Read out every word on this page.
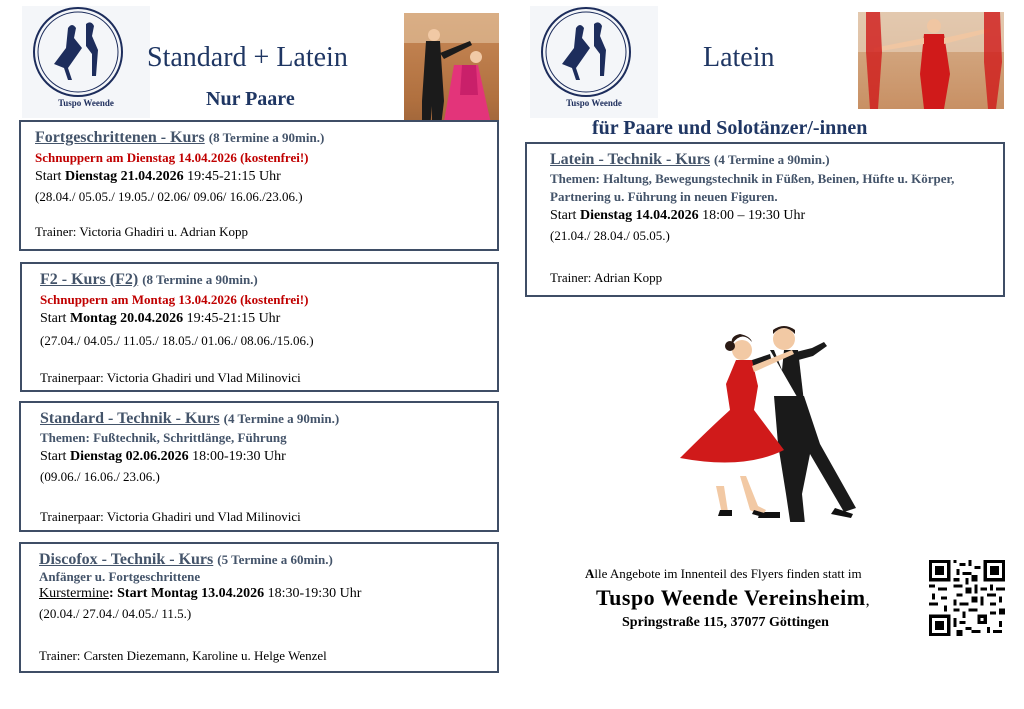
Tuspo Weende
Standard + Latein
Nur Paare
Fortgeschrittenen - Kurs (8 Termine a 90min.)
Schnuppern am Dienstag 14.04.2026 (kostenfrei!)
Start Dienstag 21.04.2026 19:45-21:15 Uhr
(28.04./ 05.05./ 19.05./ 02.06/ 09.06/ 16.06./23.06.)
Trainer: Victoria Ghadiri u. Adrian Kopp
F2 - Kurs (F2) (8 Termine a 90min.)
Schnuppern am Montag 13.04.2026 (kostenfrei!)
Start Montag 20.04.2026 19:45-21:15 Uhr
(27.04./ 04.05./ 11.05./ 18.05./ 01.06./ 08.06./15.06.)
Trainerpaar: Victoria Ghadiri und Vlad Milinovici
Standard - Technik - Kurs (4 Termine a 90min.)
Themen: Fußtechnik, Schrittlänge, Führung
Start Dienstag 02.06.2026 18:00-19:30 Uhr
(09.06./ 16.06./ 23.06.)
Trainerpaar: Victoria Ghadiri und Vlad Milinovici
Discofox - Technik - Kurs (5 Termine a 60min.)
Anfänger u. Fortgeschrittene
Kurstermine: Start Montag 13.04.2026 18:30-19:30 Uhr
(20.04./ 27.04./ 04.05./ 11.5.)
Trainer: Carsten Diezemann, Karoline u. Helge Wenzel
Tuspo Weende
Latein
für Paare und Solotänzer/-innen
Latein - Technik - Kurs (4 Termine a 90min.)
Themen: Haltung, Bewegungstechnik in Füßen, Beinen, Hüfte u. Körper, Partnering u. Führung in neuen Figuren.
Start Dienstag 14.04.2026 18:00 – 19:30 Uhr
(21.04./ 28.04./ 05.05.)
Trainer: Adrian Kopp
Alle Angebote im Innenteil des Flyers finden statt im
Tuspo Weende Vereinsheim,
Springstraße 115, 37077 Göttingen
